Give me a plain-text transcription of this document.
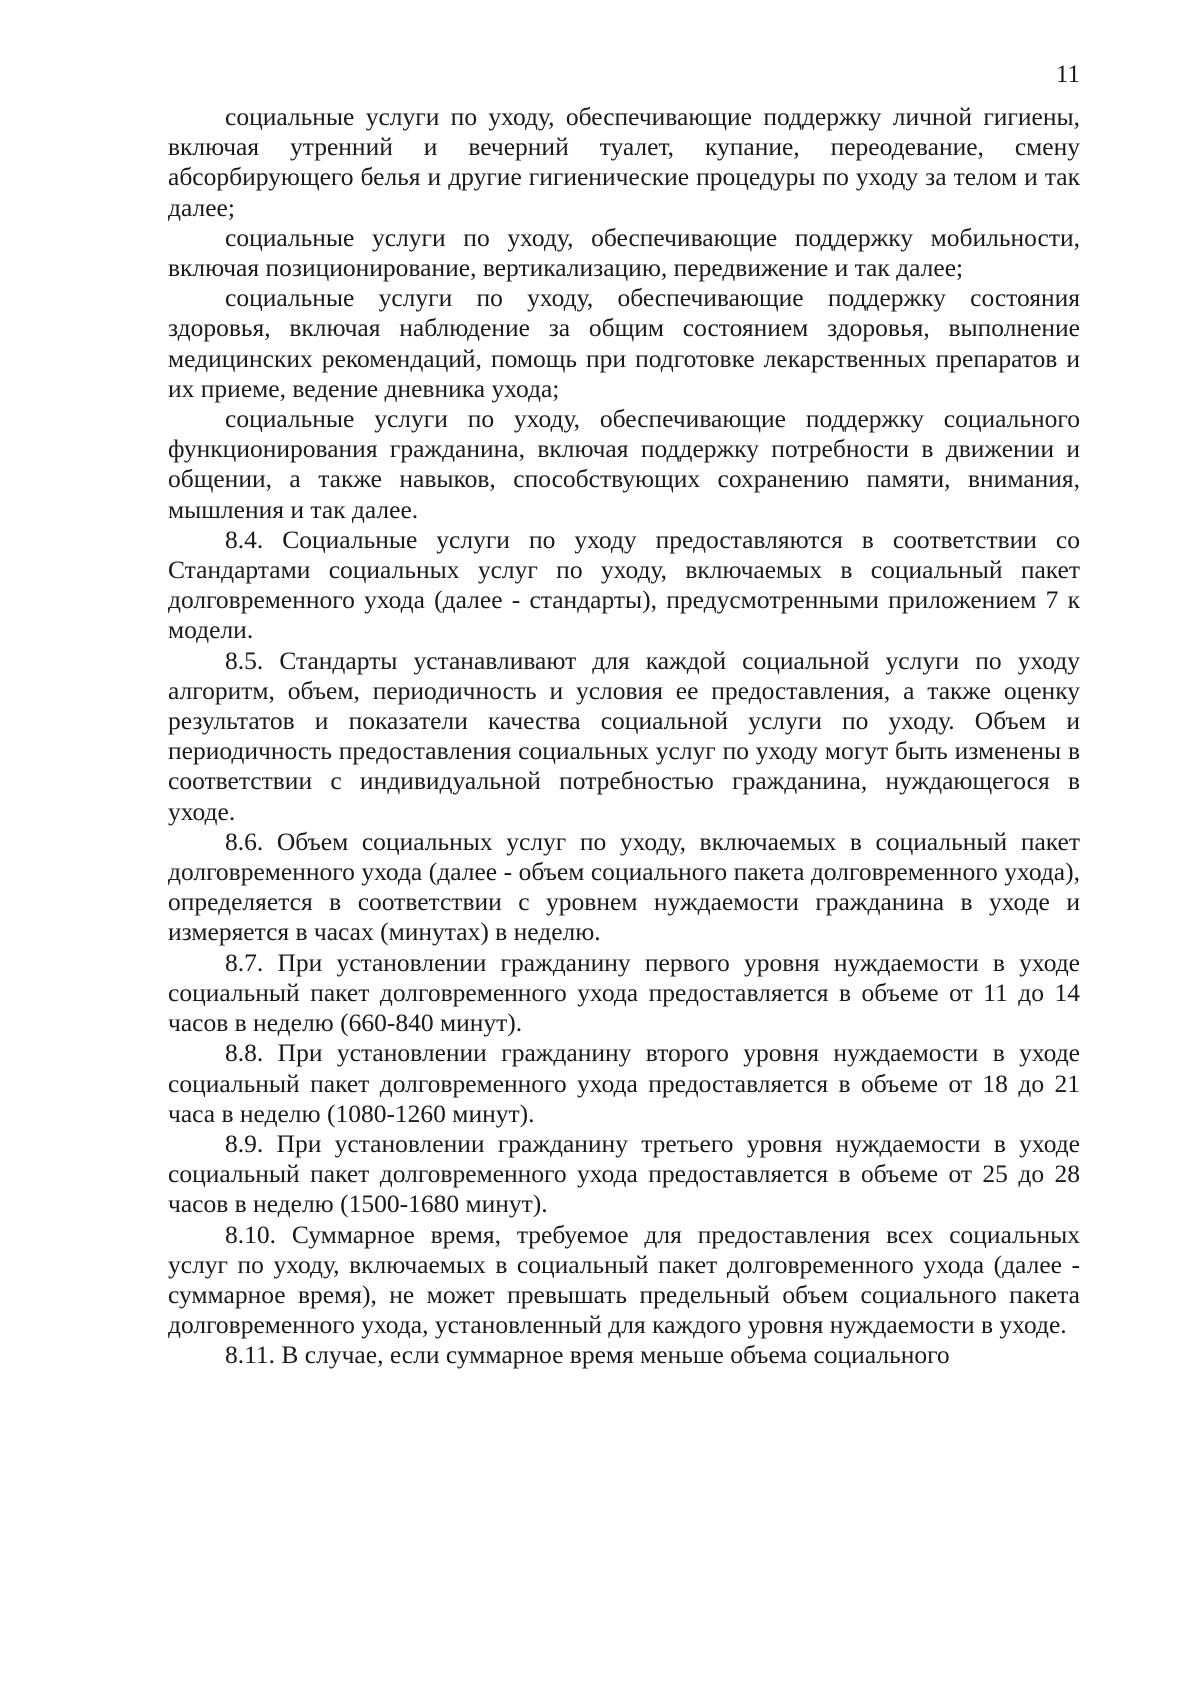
11

социальные услуги по уходу, обеспечивающие поддержку личной гигиены, включая утренний и вечерний туалет, купание, переодевание, смену абсорбирующего белья и другие гигиенические процедуры по уходу за телом и так далее;

социальные услуги по уходу, обеспечивающие поддержку мобильности, включая позиционирование, вертикализацию, передвижение и так далее;

социальные услуги по уходу, обеспечивающие поддержку состояния здоровья, включая наблюдение за общим состоянием здоровья, выполнение медицинских рекомендаций, помощь при подготовке лекарственных препаратов и их приеме, ведение дневника ухода;

социальные услуги по уходу, обеспечивающие поддержку социального функционирования гражданина, включая поддержку потребности в движении и общении, а также навыков, способствующих сохранению памяти, внимания, мышления и так далее.

8.4. Социальные услуги по уходу предоставляются в соответствии со Стандартами социальных услуг по уходу, включаемых в социальный пакет долговременного ухода (далее - стандарты), предусмотренными приложением 7 к модели.

8.5. Стандарты устанавливают для каждой социальной услуги по уходу алгоритм, объем, периодичность и условия ее предоставления, а также оценку результатов и показатели качества социальной услуги по уходу. Объем и периодичность предоставления социальных услуг по уходу могут быть изменены в соответствии с индивидуальной потребностью гражданина, нуждающегося в уходе.

8.6. Объем социальных услуг по уходу, включаемых в социальный пакет долговременного ухода (далее - объем социального пакета долговременного ухода), определяется в соответствии с уровнем нуждаемости гражданина в уходе и измеряется в часах (минутах) в неделю.

8.7. При установлении гражданину первого уровня нуждаемости в уходе социальный пакет долговременного ухода предоставляется в объеме от 11 до 14 часов в неделю (660-840 минут).

8.8. При установлении гражданину второго уровня нуждаемости в уходе социальный пакет долговременного ухода предоставляется в объеме от 18 до 21 часа в неделю (1080-1260 минут).

8.9. При установлении гражданину третьего уровня нуждаемости в уходе социальный пакет долговременного ухода предоставляется в объеме от 25 до 28 часов в неделю (1500-1680 минут).

8.10. Суммарное время, требуемое для предоставления всех социальных услуг по уходу, включаемых в социальный пакет долговременного ухода (далее - суммарное время), не может превышать предельный объем социального пакета долговременного ухода, установленный для каждого уровня нуждаемости в уходе.

8.11. В случае, если суммарное время меньше объема социального
